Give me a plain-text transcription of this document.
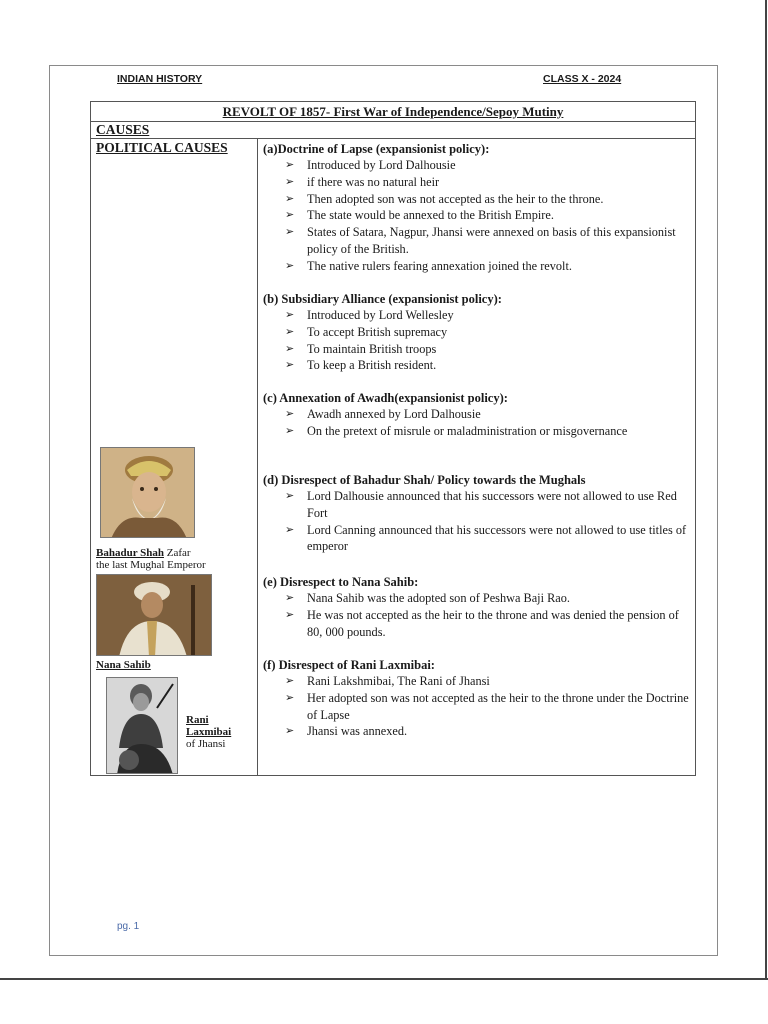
INDIAN HISTORY	CLASS X - 2024
REVOLT OF 1857- First War of Independence/Sepoy Mutiny
CAUSES
POLITICAL CAUSES	(a)Doctrine of Lapse (expansionist policy):
➢ Introduced by Lord Dalhousie
➢ if there was no natural heir
➢ Then adopted son was not accepted as the heir to the throne.
➢ The state would be annexed to the British Empire.
➢ States of Satara, Nagpur, Jhansi were annexed on basis of this expansionist policy of the British.
➢ The native rulers fearing annexation joined the revolt.
(b) Subsidiary Alliance (expansionist policy):
➢ Introduced by Lord Wellesley
➢ To accept British supremacy
➢ To maintain British troops
➢ To keep a British resident.
(c) Annexation of Awadh(expansionist policy):
➢ Awadh annexed by Lord Dalhousie
➢ On the pretext of misrule or maladministration or misgovernance
(d) Disrespect of Bahadur Shah/ Policy towards the Mughals
➢ Lord Dalhousie announced that his successors were not allowed to use Red Fort
➢ Lord Canning announced that his successors were not allowed to use titles of emperor
(e) Disrespect to Nana Sahib:
➢ Nana Sahib was the adopted son of Peshwa Baji Rao.
➢ He was not accepted as the heir to the throne and was denied the pension of 80, 000 pounds.
(f) Disrespect of Rani Laxmibai:
➢ Rani Lakshmibai, The Rani of Jhansi
➢ Her adopted son was not accepted as the heir to the throne under the Doctrine of Lapse
➢ Jhansi was annexed.
Bahadur Shah Zafar
the last Mughal Emperor
Nana Sahib
Rani
Laxmibai
of Jhansi
pg. 1
